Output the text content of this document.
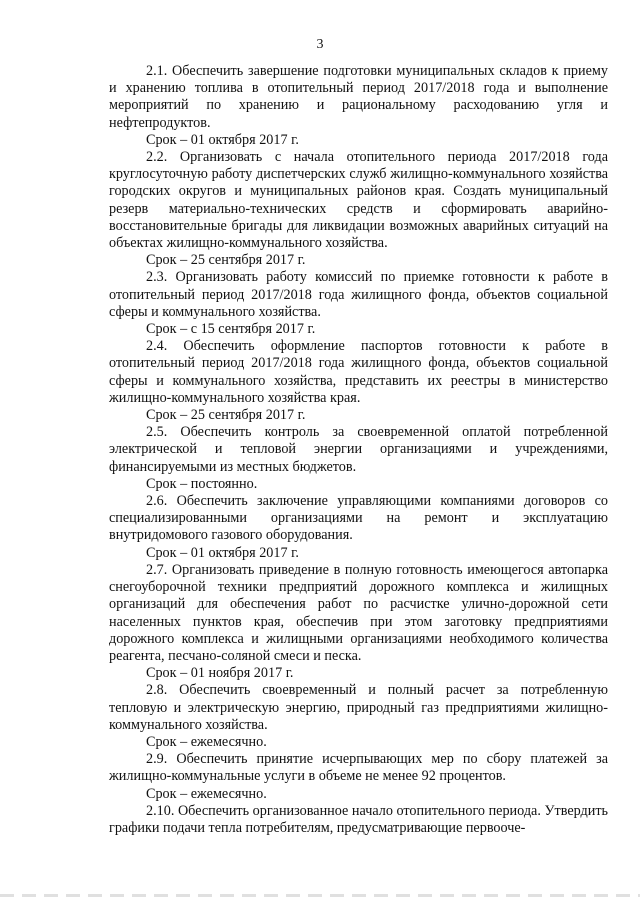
3

2.1. Обеспечить завершение подготовки муниципальных складов к приему и хранению топлива в отопительный период 2017/2018 года и выполнение мероприятий по хранению и рациональному расходованию угля и нефтепродуктов.

Срок – 01 октября 2017 г.

2.2. Организовать с начала отопительного периода 2017/2018 года круглосуточную работу диспетчерских служб жилищно-коммунального хозяйства городских округов и муниципальных районов края. Создать муниципальный резерв материально-технических средств и сформировать аварийно-восстановительные бригады для ликвидации возможных аварийных ситуаций на объектах жилищно-коммунального хозяйства.

Срок – 25 сентября 2017 г.

2.3. Организовать работу комиссий по приемке готовности к работе в отопительный период 2017/2018 года жилищного фонда, объектов социальной сферы и коммунального хозяйства.

Срок – с 15 сентября 2017 г.

2.4. Обеспечить оформление паспортов готовности к работе в отопительный период 2017/2018 года жилищного фонда, объектов социальной сферы и коммунального хозяйства, представить их реестры в министерство жилищно-коммунального хозяйства края.

Срок – 25 сентября 2017 г.

2.5. Обеспечить контроль за своевременной оплатой потребленной электрической и тепловой энергии организациями и учреждениями, финансируемыми из местных бюджетов.

Срок – постоянно.

2.6. Обеспечить заключение управляющими компаниями договоров со специализированными организациями на ремонт и эксплуатацию внутридомового газового оборудования.

Срок – 01 октября 2017 г.

2.7. Организовать приведение в полную готовность имеющегося автопарка снегоуборочной техники предприятий дорожного комплекса и жилищных организаций для обеспечения работ по расчистке улично-дорожной сети населенных пунктов края, обеспечив при этом заготовку предприятиями дорожного комплекса и жилищными организациями необходимого количества реагента, песчано-соляной смеси и песка.

Срок – 01 ноября 2017 г.

2.8. Обеспечить своевременный и полный расчет за потребленную тепловую и электрическую энергию, природный газ предприятиями жилищно-коммунального хозяйства.

Срок – ежемесячно.

2.9. Обеспечить принятие исчерпывающих мер по сбору платежей за жилищно-коммунальные услуги в объеме не менее 92 процентов.

Срок – ежемесячно.

2.10. Обеспечить организованное начало отопительного периода. Утвердить графики подачи тепла потребителям, предусматривающие первооче-
